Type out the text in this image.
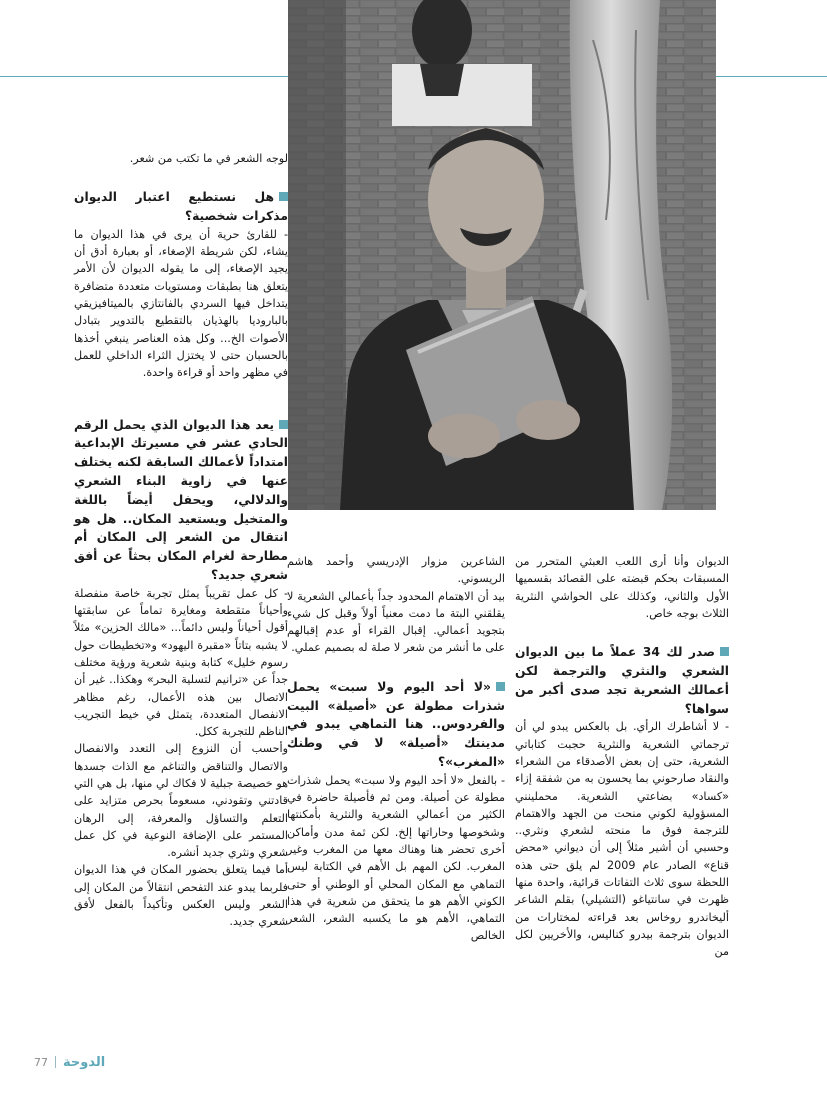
لوجه الشعر في ما تكتب من شعر.

هل نستطيع اعتبار الديوان مذكرات شخصية؟

- للقارئ حرية أن يرى في هذا الديوان ما يشاء، لكن شريطة الإصغاء، أو بعبارة أدق أن يجيد الإصغاء، إلى ما يقوله الديوان لأن الأمر يتعلق هنا بطبقات ومستويات متعددة متضافرة يتداخل فيها السردي بالفانتازي بالميتافيزيقي بالباروديا بالهذيان بالتقطيع بالتدوير بتبادل الأصوات الخ... وكل هذه العناصر ينبغي أخذها بالحسبان حتى لا يختزل الثراء الداخلي للعمل في مظهر واحد أو قراءة واحدة.

يعد هذا الديوان الذي يحمل الرقم الحادي عشر في مسيرتك الإبداعية امتداداً لأعمالك السابقة لكنه يختلف عنها في زاوية البناء الشعري والدلالي، ويحفل أيضاً باللغة والمتخيل ويستعيد المكان.. هل هو انتقال من الشعر إلى المكان أم مطارحة لغرام المكان بحثاً عن أفق شعري جديد؟

- كل عمل تقريباً يمثل تجربة خاصة منفصلة وأحياناً متقطعة ومغايرة تماماً عن سابقتها أقول أحياناً وليس دائماً... «مالك الحزين» مثلاً لا يشبه بتاتاً «مقبرة اليهود» و«تخطيطات حول رسوم خليل» كتابة وبنية شعرية ورؤية مختلف جداً عن «ترانيم لتسلية البحر» وهكذا.. غير أن الاتصال بين هذه الأعمال، رغم مظاهر الانفصال المتعددة، يتمثل في خيط التجريب الناظم للتجربة ككل.

وأحسب أن النزوع إلى التعدد والانفصال والاتصال والتناقض والتناغم مع الذات جسدها هو خصيصة جبلية لا فكاك لي منها، بل هي التي قادتني وتقودني، مسعوماً بحرص متزايد على التعلم والتساؤل والمعرفة، إلى الرهان المستمر على الإضافة النوعية في كل عمل شعري ونثري جديد أنشره.

أما فيما يتعلق بحضور المكان في هذا الديوان فلربما يبدو عند التفحص انتقالاً من المكان إلى الشعر وليس العكس وتأكيداً بالفعل لأفق شعري جديد.

الشاعرين مزوار الإدريسي وأحمد هاشم الريسوني.

بيد أن الاهتمام المحدود جداً بأعمالي الشعرية لا يقلقني البتة ما دمت معنياً أولاً وقبل كل شيء بتجويد أعمالي. إقبال القراء أو عدم إقبالهم على ما أنشر من شعر لا صلة له بصميم عملي.

«لا أحد اليوم ولا سبت» يحمل شذرات مطولة عن «أصيلة» البيت والفردوس.. هنا التماهي يبدو في مدينتك «أصيلة» لا في وطنك «المغرب»؟

- بالفعل «لا أحد اليوم ولا سبت» يحمل شذرات مطولة عن أصيلة. ومن ثم فأصيلة حاضرة في الكثير من أعمالي الشعرية والنثرية بأمكنتها وشخوصها وحاراتها إلخ. لكن ثمة مدن وأماكن أخرى تحضر هنا وهناك معها من المغرب وغير المغرب. لكن المهم بل الأهم في الكتابة ليس التماهي مع المكان المحلي أو الوطني أو حتى الكوني الأهم هو ما يتحقق من شعرية في هذا التماهي، الأهم هو ما يكسبه الشعر، الشعر الخالص

الديوان وأنا أرى اللعب العبثي المتحرر من المسبقات بحكم قبضته على القصائد بقسميها الأول والثاني، وكذلك على الحواشي النثرية الثلاث بوجه خاص.

صدر لك 34 عملاً ما بين الديوان الشعري والنثري والترجمة لكن أعمالك الشعرية تجد صدى أكبر من سواها؟

- لا أشاطرك الرأي. بل بالعكس يبدو لي أن ترجماتي الشعرية والنثرية حجبت كتاباتي الشعرية، حتى إن بعض الأصدقاء من الشعراء والنقاد صارحوني بما يحسون به من شفقة إزاء «كساد» بضاعتي الشعرية. محملينني المسؤولية لكوني منحت من الجهد والاهتمام للترجمة فوق ما منحته لشعري ونثري.. وحسبي أن أشير مثلاً إلى أن ديواني «محض قناع» الصادر عام 2009 لم يلق حتى هذه اللحظة سوى ثلاث التفاتات قرائية، واحدة منها ظهرت في سانتياغو (التشيلي) بقلم الشاعر أليخاندرو روخاس بعد قراءته لمختارات من الديوان بترجمة بيدرو كناليس، والأخريين لكل من

77 الدوحة
